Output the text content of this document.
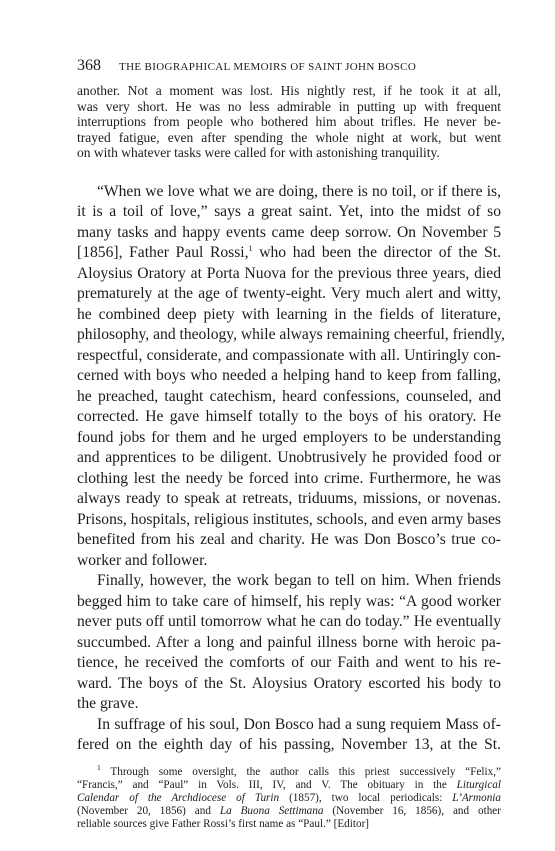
368 THE BIOGRAPHICAL MEMOIRS OF SAINT JOHN BOSCO
another. Not a moment was lost. His nightly rest, if he took it at all,
was very short. He was no less admirable in putting up with frequent
interruptions from people who bothered him about trifles. He never be-
trayed fatigue, even after spending the whole night at work, but went
on with whatever tasks were called for with astonishing tranquility.
“When we love what we are doing, there is no toil, or if there is,
it is a toil of love,” says a great saint. Yet, into the midst of so
many tasks and happy events came deep sorrow. On November 5
[1856], Father Paul Rossi,$^1$ who had been the director of the St.
Aloysius Oratory at Porta Nuova for the previous three years, died
prematurely at the age of twenty-eight. Very much alert and witty,
he combined deep piety with learning in the fields of literature,
philosophy, and theology, while always remaining cheerful, friendly,
respectful, considerate, and compassionate with all. Untiringly con-
cerned with boys who needed a helping hand to keep from falling,
he preached, taught catechism, heard confessions, counseled, and
corrected. He gave himself totally to the boys of his oratory. He
found jobs for them and he urged employers to be understanding
and apprentices to be diligent. Unobtrusively he provided food or
clothing lest the needy be forced into crime. Furthermore, he was
always ready to speak at retreats, triduums, missions, or novenas.
Prisons, hospitals, religious institutes, schools, and even army bases
benefited from his zeal and charity. He was Don Bosco’s true co-
worker and follower.
Finally, however, the work began to tell on him. When friends
begged him to take care of himself, his reply was: “A good worker
never puts off until tomorrow what he can do today.” He eventually
succumbed. After a long and painful illness borne with heroic pa-
tience, he received the comforts of our Faith and went to his re-
ward. The boys of the St. Aloysius Oratory escorted his body to
the grave.
In suffrage of his soul, Don Bosco had a sung requiem Mass of-
fered on the eighth day of his passing, November 13, at the St.
$^1$ Through some oversight, the author calls this priest successively “Felix,”
“Francis,” and “Paul” in Vols. III, IV, and V. The obituary in the Liturgical
Calendar of the Archdiocese of Turin (1857), two local periodicals: L’Armonia
(November 20, 1856) and La Buona Settimana (November 16, 1856), and other
reliable sources give Father Rossi’s first name as “Paul.” [Editor]
